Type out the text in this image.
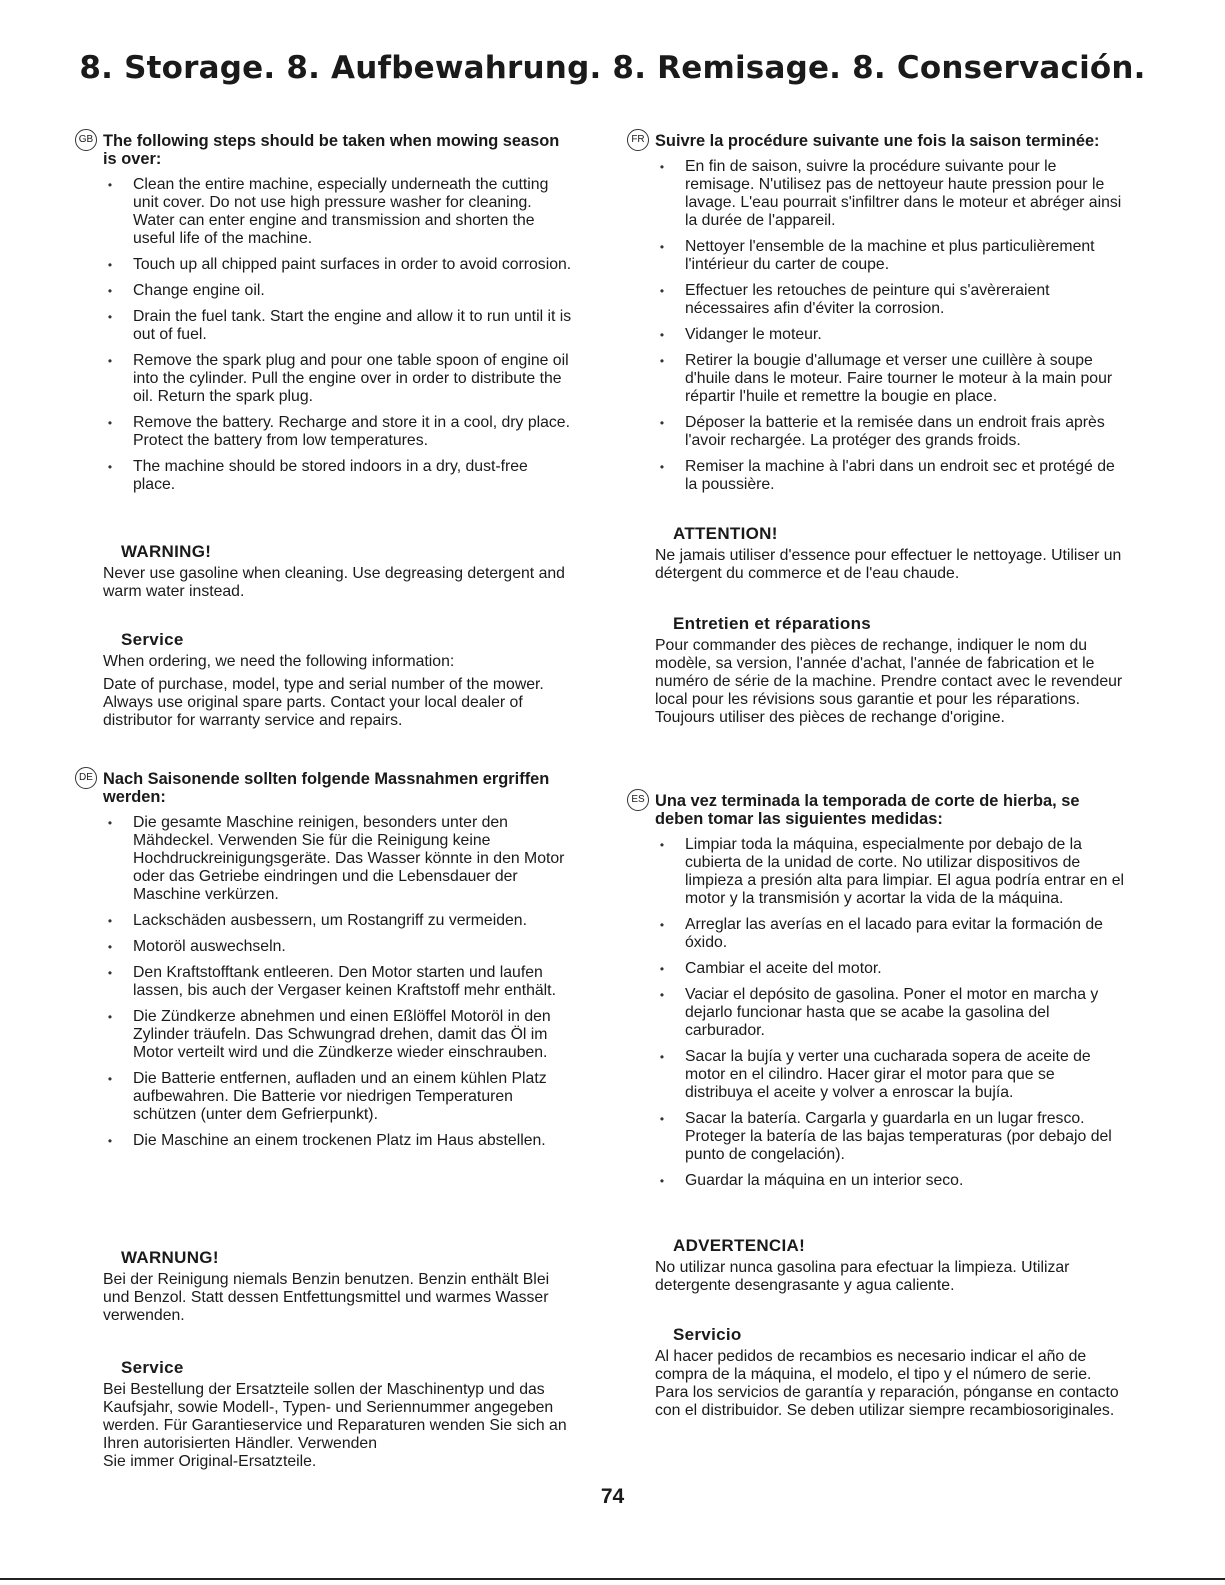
8. Storage. 8. Aufbewahrung. 8. Remisage. 8. Conservación.
GB The following steps should be taken when mowing season is over:
• Clean the entire machine, especially underneath the cutting unit cover. Do not use high pressure washer for cleaning. Water can enter engine and transmission and shorten the useful life of the machine.
• Touch up all chipped paint surfaces in order to avoid corrosion.
• Change engine oil.
• Drain the fuel tank. Start the engine and allow it to run until it is out of fuel.
• Remove the spark plug and pour one table spoon of engine oil into the cylinder. Pull the engine over in order to distribute the oil. Return the spark plug.
• Remove the battery. Recharge and store it in a cool, dry place. Protect the battery from low temperatures.
• The machine should be stored indoors in a dry, dust-free place.
WARNING!
Never use gasoline when cleaning. Use degreasing detergent and warm water instead.
Service
When ordering, we need the following information:
Date of purchase, model, type and serial number of the mower. Always use original spare parts. Contact your local dealer of distributor for warranty service and repairs.
DE Nach Saisonende sollten folgende Massnahmen ergriffen werden:
• Die gesamte Maschine reinigen, besonders unter den Mähdeckel. Verwenden Sie für die Reinigung keine Hochdruckreinigungsgeräte. Das Wasser könnte in den Motor oder das Getriebe eindringen und die Lebensdauer der Maschine verkürzen.
• Lackschäden ausbessern, um Rostangriff zu vermeiden.
• Motoröl auswechseln.
• Den Kraftstofftank entleeren. Den Motor starten und laufen lassen, bis auch der Vergaser keinen Kraftstoff mehr enthält.
• Die Zündkerze abnehmen und einen Eßlöffel Motoröl in den Zylinder träufeln. Das Schwungrad drehen, damit das Öl im Motor verteilt wird und die Zündkerze wieder einschrauben.
• Die Batterie entfernen, aufladen und an einem kühlen Platz aufbewahren. Die Batterie vor niedrigen Temperaturen schützen (unter dem Gefrierpunkt).
• Die Maschine an einem trockenen Platz im Haus abstellen.
WARNUNG!
Bei der Reinigung niemals Benzin benutzen. Benzin enthält Blei und Benzol. Statt dessen Entfettungsmittel und warmes Wasser verwenden.
Service
Bei Bestellung der Ersatzteile sollen der Maschinentyp und das Kaufsjahr, sowie Modell-, Typen- und Seriennummer angegeben werden. Für Garantieservice und Reparaturen wenden Sie sich an Ihren autorisierten Händler. Verwenden
Sie immer Original-Ersatzteile.
FR Suivre la procédure suivante une fois la saison terminée:
• En fin de saison, suivre la procédure suivante pour le remisage. N'utilisez pas de nettoyeur haute pression pour le lavage. L'eau pourrait s'infiltrer dans le moteur et abréger ainsi la durée de l'appareil.
• Nettoyer l'ensemble de la machine et plus particulièrement l'intérieur du carter de coupe.
• Effectuer les retouches de peinture qui s'avèreraient nécessaires afin d'éviter la corrosion.
• Vidanger le moteur.
• Retirer la bougie d'allumage et verser une cuillère à soupe d'huile dans le moteur. Faire tourner le moteur à la main pour répartir l'huile et remettre la bougie en place.
• Déposer la batterie et la remisée dans un endroit frais après l'avoir rechargée. La protéger des grands froids.
• Remiser la machine à l'abri dans un endroit sec et protégé de la poussière.
ATTENTION!
Ne jamais utiliser d'essence pour effectuer le nettoyage. Utiliser un détergent du commerce et de l'eau chaude.
Entretien et réparations
Pour commander des pièces de rechange, indiquer le nom du modèle, sa version, l'année d'achat, l'année de fabrication et le numéro de série de la machine. Prendre contact avec le revendeur local pour les révisions sous garantie et pour les réparations. Toujours utiliser des pièces de rechange d'origine.
ES Una vez terminada la temporada de corte de hierba, se deben tomar las siguientes medidas:
• Limpiar toda la máquina, especialmente por debajo de la cubierta de la unidad de corte. No utilizar dispositivos de limpieza a presión alta para limpiar. El agua podría entrar en el motor y la transmisión y acortar la vida de la máquina.
• Arreglar las averías en el lacado para evitar la formación de óxido.
• Cambiar el aceite del motor.
• Vaciar el depósito de gasolina. Poner el motor en marcha y dejarlo funcionar hasta que se acabe la gasolina del carburador.
• Sacar la bujía y verter una cucharada sopera de aceite de motor en el cilindro. Hacer girar el motor para que se distribuya el aceite y volver a enroscar la bujía.
• Sacar la batería. Cargarla y guardarla en un lugar fresco. Proteger la batería de las bajas temperaturas (por debajo del punto de congelación).
• Guardar la máquina en un interior seco.
ADVERTENCIA!
No utilizar nunca gasolina para efectuar la limpieza. Utilizar detergente desengrasante y agua caliente.
Servicio
Al hacer pedidos de recambios es necesario indicar el año de compra de la máquina, el modelo, el tipo y el número de serie. Para los servicios de garantía y reparación, pónganse en contacto con el distribuidor. Se deben utilizar siempre recambiosoriginales.
74
